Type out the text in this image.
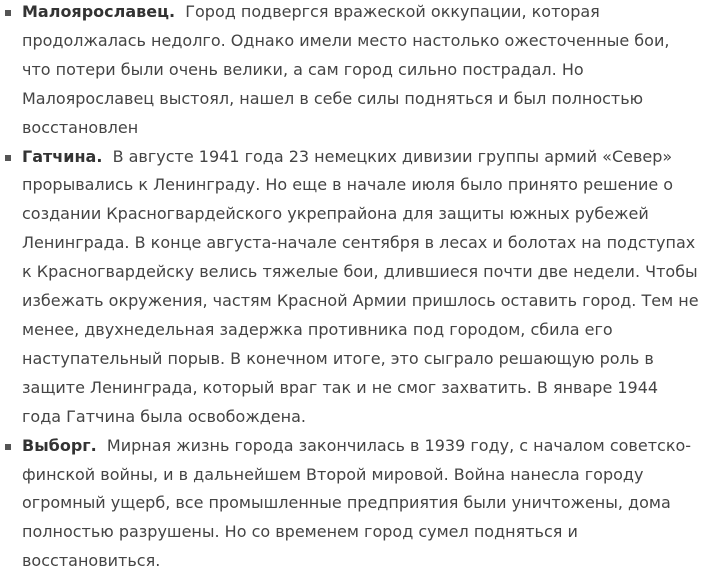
Малоярославец. Город подвергся вражеской оккупации, которая продолжалась недолго. Однако имели место настолько ожесточенные бои, что потери были очень велики, а сам город сильно пострадал. Но Малоярославец выстоял, нашел в себе силы подняться и был полностью восстановлен
Гатчина. В августе 1941 года 23 немецких дивизии группы армий «Север» прорывались к Ленинграду. Но еще в начале июля было принято решение о создании Красногвардейского укрепрайона для защиты южных рубежей Ленинграда. В конце августа-начале сентября в лесах и болотах на подступах к Красногвардейску велись тяжелые бои, длившиеся почти две недели. Чтобы избежать окружения, частям Красной Армии пришлось оставить город. Тем не менее, двухнедельная задержка противника под городом, сбила его наступательный порыв. В конечном итоге, это сыграло решающую роль в защите Ленинграда, который враг так и не смог захватить. В январе 1944 года Гатчина была освобождена.
Выборг. Мирная жизнь города закончилась в 1939 году, с началом советско-финской войны, и в дальнейшем Второй мировой. Война нанесла городу огромный ущерб, все промышленные предприятия были уничтожены, дома полностью разрушены. Но со временем город сумел подняться и восстановиться.
